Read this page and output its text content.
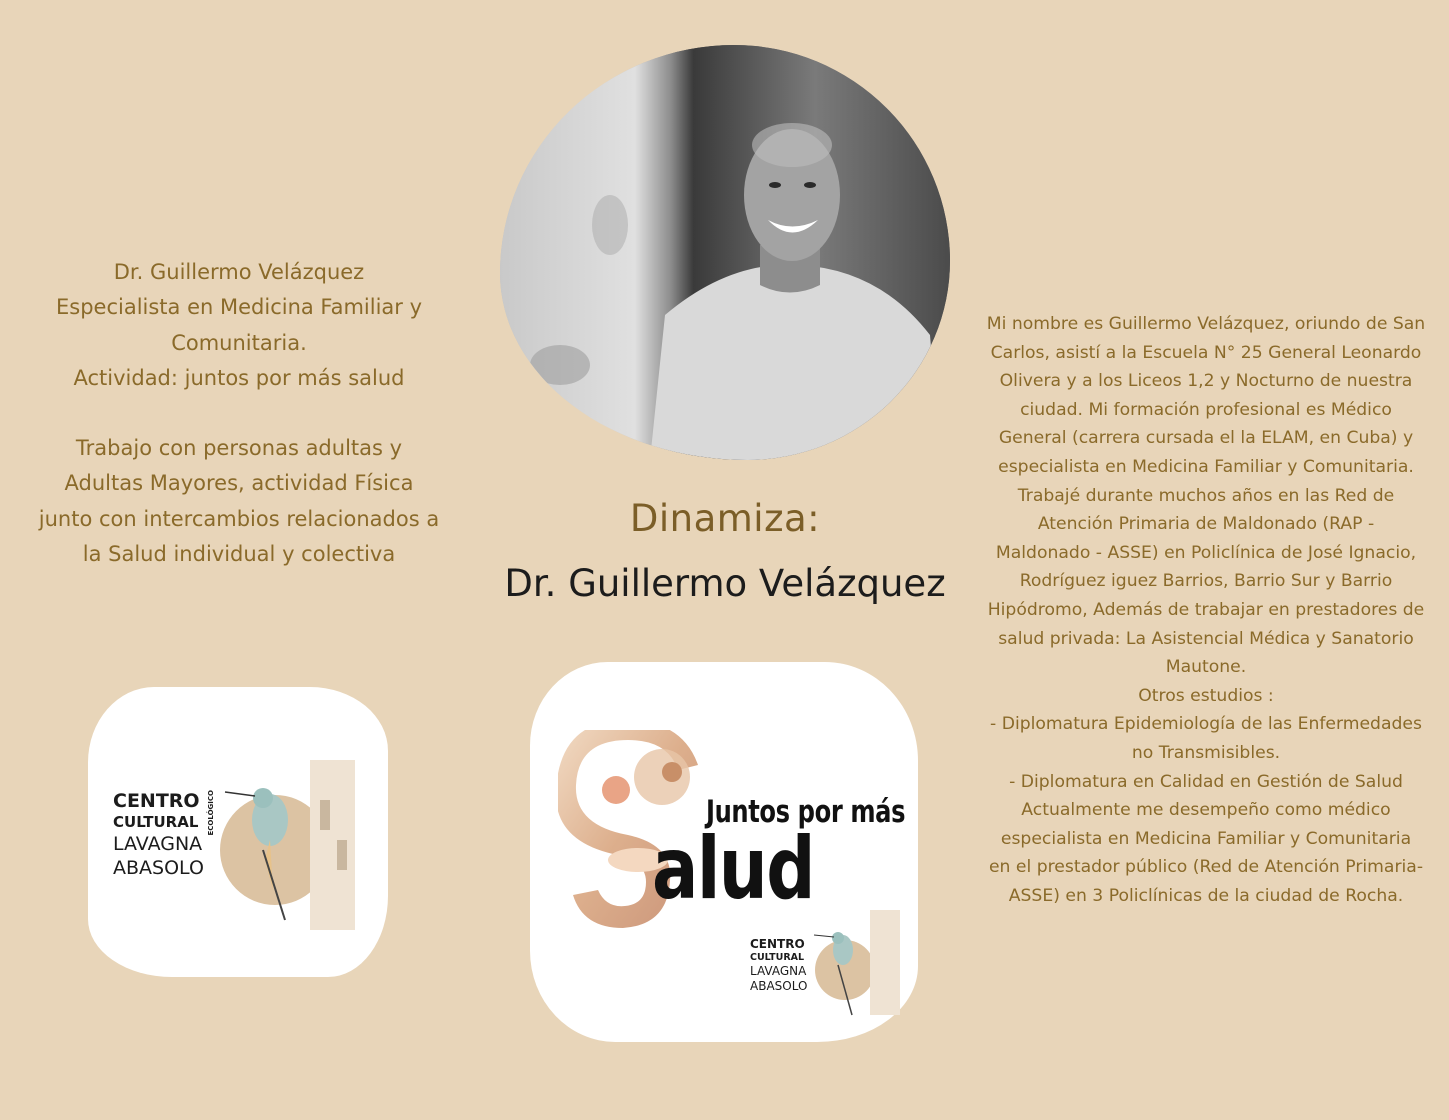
Dr. Guillermo Velázquez

Especialista en Medicina Familiar y

Comunitaria.

Actividad: juntos por más salud

Trabajo con personas adultas y

Adultas Mayores, actividad Física

junto con intercambios relacionados a

la Salud individual y colectiva

Dinamiza:
Dr. Guillermo Velázquez

Mi nombre es Guillermo Velázquez, oriundo de San

Carlos, asistí a la Escuela N° 25 General Leonardo

Olivera y a los Liceos 1,2 y Nocturno de nuestra

ciudad. Mi formación profesional es Médico

General (carrera cursada el la ELAM, en Cuba) y

especialista en Medicina Familiar y Comunitaria.

Trabajé durante muchos años en las Red de

Atención Primaria de Maldonado (RAP -

Maldonado - ASSE) en Policlínica de José Ignacio,

Rodríguez iguez Barrios, Barrio Sur y Barrio

Hipódromo, Además de trabajar en prestadores de

salud privada: La Asistencial Médica y Sanatorio

Mautone.

Otros estudios :

- Diplomatura Epidemiología de las Enfermedades

no Transmisibles.

- Diplomatura en Calidad en Gestión de Salud

Actualmente me desempeño como médico

especialista en Medicina Familiar y Comunitaria

en el prestador público (Red de Atención Primaria-

ASSE) en 3 Policlínicas de la ciudad de Rocha.

CENTRO
CULTURAL
LAVAGNA
ABASOLO
ECOLÓGICO	Juntos por más
alud
CENTRO
CULTURAL
LAVAGNA
ABASOLO
